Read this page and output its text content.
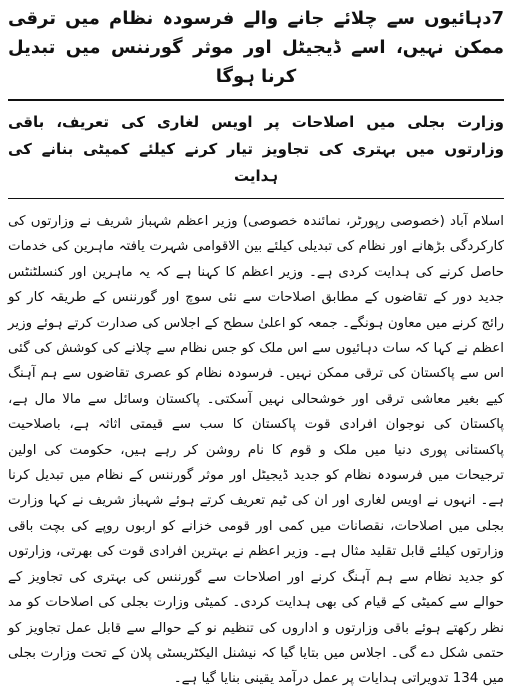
7دہائیوں سے چلائے جانے والے فرسودہ نظام میں ترقی ممکن نہیں، اسے ڈیجیٹل اور موثر گورننس میں تبدیل کرنا ہوگا
وزارت بجلی میں اصلاحات پر اویس لغاری کی تعریف، باقی وزارتوں میں بہتری کی تجاویز تیار کرنے کیلئے کمیٹی بنانے کی ہدایت

اسلام آباد (خصوصی رپورٹر، نمائندہ خصوصی) وزیر اعظم شہباز شریف نے وزارتوں کی کارکردگی بڑھانے اور نظام کی تبدیلی کیلئے بین الاقوامی شہرت یافتہ ماہرین کی خدمات حاصل کرنے کی ہدایت کردی ہے۔ وزیر اعظم کا کہنا ہے کہ یہ ماہرین اور کنسلٹنٹس جدید دور کے تقاضوں کے مطابق اصلاحات سے نئی سوچ اور گورننس کے طریقہ کار کو رائج کرنے میں معاون ہونگے۔ جمعہ کو اعلیٰ سطح کے اجلاس کی صدارت کرتے ہوئے وزیر اعظم نے کہا کہ سات دہائیوں سے اس ملک کو جس نظام سے چلانے کی کوشش کی گئی اس سے پاکستان کی ترقی ممکن نہیں۔ فرسودہ نظام کو عصری تقاضوں سے ہم آہنگ کیے بغیر معاشی ترقی اور خوشحالی نہیں آسکتی۔ پاکستان وسائل سے مالا مال ہے، پاکستان کی نوجوان افرادی قوت پاکستان کا سب سے قیمتی اثاثہ ہے، باصلاحیت پاکستانی پوری دنیا میں ملک و قوم کا نام روشن کر رہے ہیں، حکومت کی اولین ترجیحات میں فرسودہ نظام کو جدید ڈیجیٹل اور موثر گورننس کے نظام میں تبدیل کرنا ہے۔ انہوں نے اویس لغاری اور ان کی ٹیم تعریف کرتے ہوئے شہباز شریف نے کہا وزارت بجلی میں اصلاحات، نقصانات میں کمی اور قومی خزانے کو اربوں روپے کی بچت باقی وزارتوں کیلئے قابل تقلید مثال ہے۔ وزیر اعظم نے بہترین افرادی قوت کی بھرتی، وزارتوں کو جدید نظام سے ہم آہنگ کرنے اور اصلاحات سے گورننس کی بہتری کی تجاویز کے حوالے سے کمیٹی کے قیام کی بھی ہدایت کردی۔ کمیٹی وزارت بجلی کی اصلاحات کو مد نظر رکھتے ہوئے باقی وزارتوں و اداروں کی تنظیم نو کے حوالے سے قابل عمل تجاویز کو حتمی شکل دے گی۔ اجلاس میں بتایا گیا کہ نیشنل الیکٹریسٹی پلان کے تحت وزارت بجلی میں 134 تدویراتی ہدایات پر عمل درآمد یقینی بنایا گیا ہے۔
